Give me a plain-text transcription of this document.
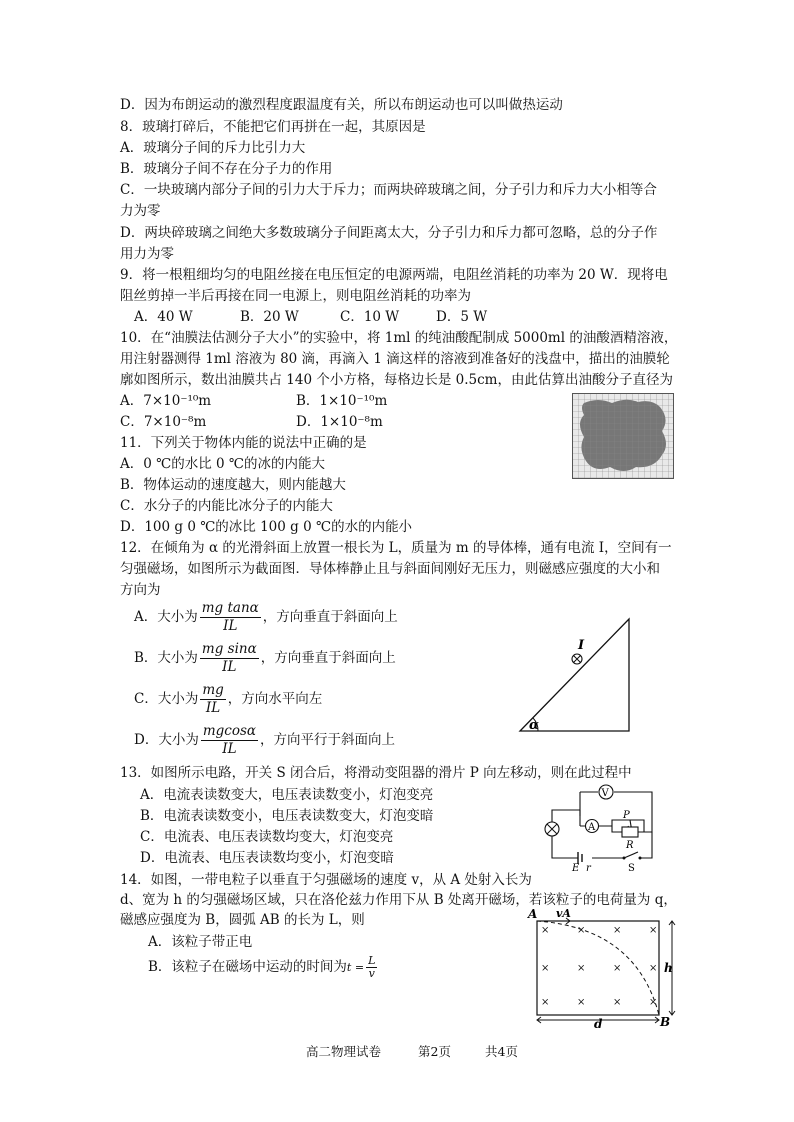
D．因为布朗运动的激烈程度跟温度有关，所以布朗运动也可以叫做热运动
8．玻璃打碎后，不能把它们再拼在一起，其原因是
A．玻璃分子间的斥力比引力大
B．玻璃分子间不存在分子力的作用
C．一块玻璃内部分子间的引力大于斥力；而两块碎玻璃之间，分子引力和斥力大小相等合
力为零
D．两块碎玻璃之间绝大多数玻璃分子间距离太大，分子引力和斥力都可忽略，总的分子作
用力为零
9．将一根粗细均匀的电阻丝接在电压恒定的电源两端，电阻丝消耗的功率为 20 W．现将电
阻丝剪掉一半后再接在同一电源上，则电阻丝消耗的功率为
A．40 W	B．20 W	C．10 W	D．5 W
10．在“油膜法估测分子大小”的实验中，将 1ml 的纯油酸配制成 5000ml 的油酸酒精溶液，
用注射器测得 1ml 溶液为 80 滴，再滴入 1 滴这样的溶液到准备好的浅盘中，描出的油膜轮
廓如图所示，数出油膜共占 140 个小方格，每格边长是 0.5cm，由此估算出油酸分子直径为
A．7×10⁻¹⁰m	B．1×10⁻¹⁰m
C．7×10⁻⁸m	D．1×10⁻⁸m
11．下列关于物体内能的说法中正确的是
A．0 ℃的水比 0 ℃的冰的内能大
B．物体运动的速度越大，则内能越大
C．水分子的内能比冰分子的内能大
D．100 g 0 ℃的冰比 100 g 0 ℃的水的内能小
12．在倾角为 α 的光滑斜面上放置一根长为 L，质量为 m 的导体棒，通有电流 I，空间有一
匀强磁场，如图所示为截面图．导体棒静止且与斜面间刚好无压力，则磁感应强度的大小和
方向为
A．大小为 $\frac{\text{mg tanα}}{IL}$ ，方向垂直于斜面向上
B．大小为 $\frac{\text{mg sinα}}{IL}$ ，方向垂直于斜面向上
C．大小为 $\frac{mg}{IL}$ ，方向水平向左
D．大小为 $\frac{mgcos\alpha}{IL}$ ，方向平行于斜面向上
α
I
13．如图所示电路，开关 S 闭合后，将滑动变阻器的滑片 P 向左移动，则在此过程中
A．电流表读数变大，电压表读数变小，灯泡变亮
B．电流表读数变小，电压表读数变大，灯泡变暗
C．电流表、电压表读数均变大，灯泡变亮
D．电流表、电压表读数均变小，灯泡变暗
V
A
P
R
E r	S
14．如图，一带电粒子以垂直于匀强磁场的速度 v，从 A 处射入长为
d、宽为 h 的匀强磁场区域，只在洛伦兹力作用下从 B 处离开磁场，若该粒子的电荷量为 q，
磁感应强度为 B，圆弧 AB 的长为 L，则
A．该粒子带正电
B．该粒子在磁场中运动的时间为$t = \frac{L}{v}$
×	×	×	×
×	×	×	×
×	×	×	×
A vA
B
h
d
高二物理试卷	第2页	共4页
